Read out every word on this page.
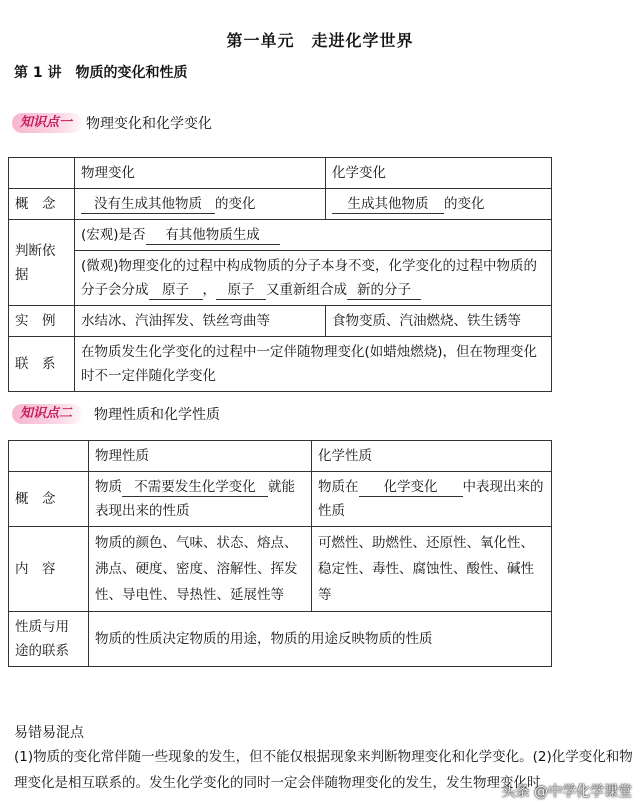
第一单元　走进化学世界
第 1 讲　物质的变化和性质
知识点一	物理变化和化学变化
	物理变化	化学变化
概　念	没有生成其他物质 的变化	生成其他物质 的变化
判断依据	(宏观)是否 有其他物质生成	
	(微观)物理变化的过程中构成物质的分子本身不变，化学变化的过程中物质的分子会分成 原子 ， 原子 又重新组合成 新的分子	
实　例	水结冰、汽油挥发、铁丝弯曲等	食物变质、汽油燃烧、铁生锈等
联　系	在物质发生化学变化的过程中一定伴随物理变化(如蜡烛燃烧)，但在物理变化时不一定伴随化学变化	
知识点二	物理性质和化学性质
	物理性质	化学性质
概　念	物质 不需要发生化学变化 就能表现出来的性质	物质在 化学变化 中表现出来的性质
内　容	物质的颜色、气味、状态、熔点、沸点、硬度、密度、溶解性、挥发性、导电性、导热性、延展性等	可燃性、助燃性、还原性、氧化性、稳定性、毒性、腐蚀性、酸性、碱性等
性质与用途的联系	物质的性质决定物质的用途，物质的用途反映物质的性质	
易错易混点
(1)物质的变化常伴随一些现象的发生，但不能仅根据现象来判断物理变化和化学变化。(2)化学变化和物理变化是相互联系的。发生化学变化的同时一定会伴随物理变化的发生，发生物理变化时
头条 @中学化学课堂
